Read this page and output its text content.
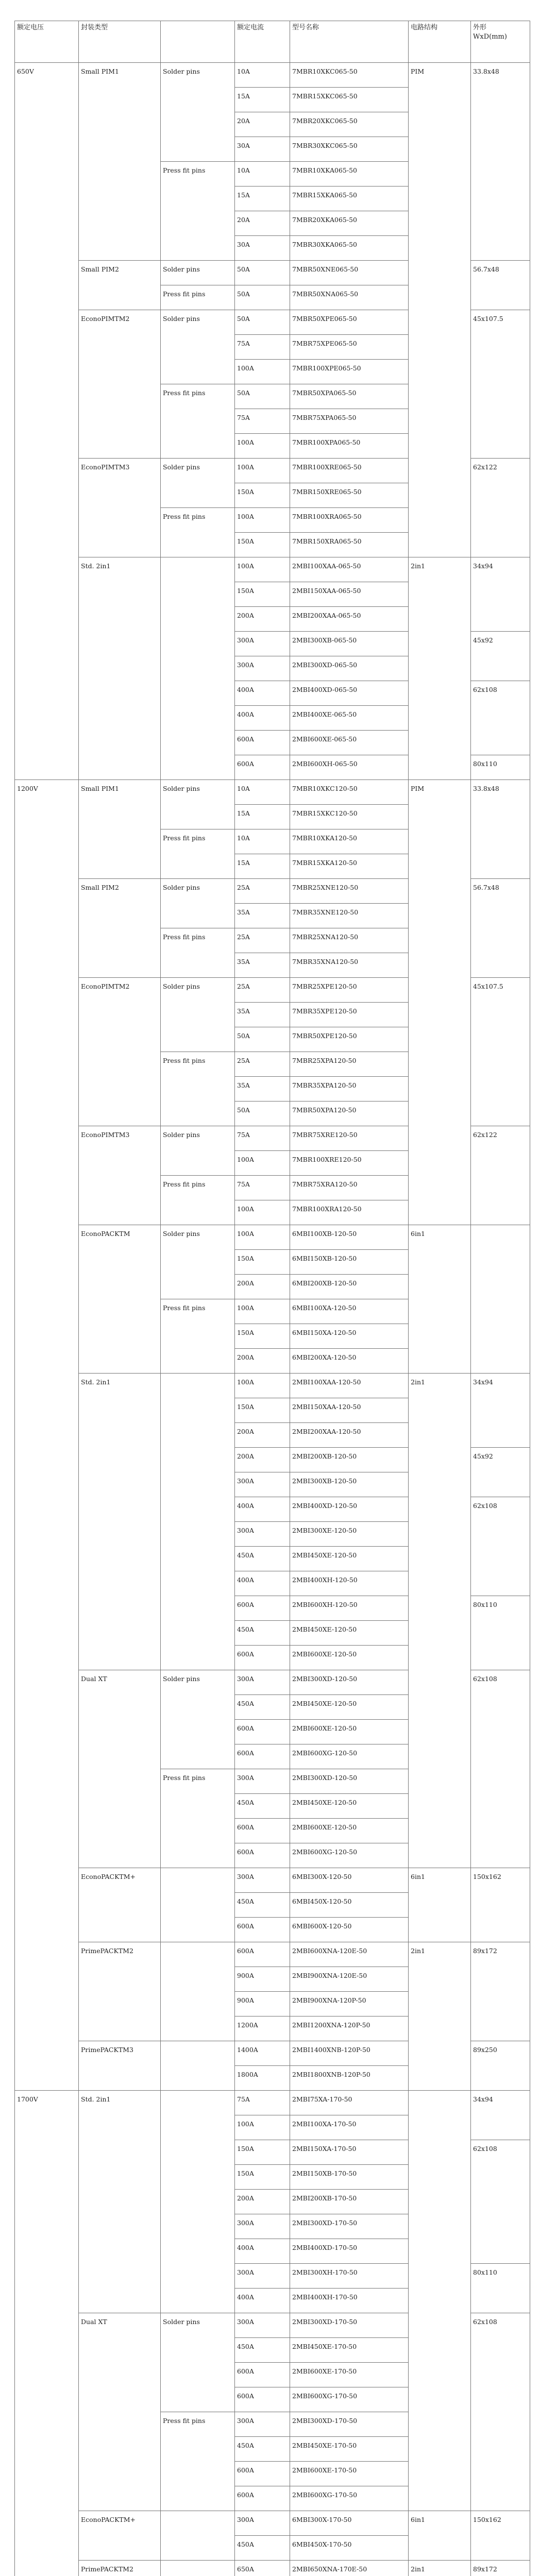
额定电压	封装类型		额定电流	型号名称	电路结构	外形
WxD(mm)

650V	Small PIM1	Solder pins	10A	7MBR10XKC065-50	PIM	33.8x48
			15A	7MBR15XKC065-50		
			20A	7MBR20XKC065-50		
			30A	7MBR30XKC065-50		
		Press fit pins	10A	7MBR10XKA065-50		
			15A	7MBR15XKA065-50		
			20A	7MBR20XKA065-50		
			30A	7MBR30XKA065-50		
	Small PIM2	Solder pins	50A	7MBR50XNE065-50		56.7x48
		Press fit pins	50A	7MBR50XNA065-50		
	EconoPIMTM2	Solder pins	50A	7MBR50XPE065-50		45x107.5
			75A	7MBR75XPE065-50		
			100A	7MBR100XPE065-50		
		Press fit pins	50A	7MBR50XPA065-50		
			75A	7MBR75XPA065-50		
			100A	7MBR100XPA065-50		
	EconoPIMTM3	Solder pins	100A	7MBR100XRE065-50		62x122
			150A	7MBR150XRE065-50		
		Press fit pins	100A	7MBR100XRA065-50		
			150A	7MBR150XRA065-50		
	Std. 2in1		100A	2MBI100XAA-065-50	2in1	34x94
			150A	2MBI150XAA-065-50		
			200A	2MBI200XAA-065-50		
			300A	2MBI300XB-065-50		45x92
			300A	2MBI300XD-065-50		
			400A	2MBI400XD-065-50		62x108
			400A	2MBI400XE-065-50		
			600A	2MBI600XE-065-50		
			600A	2MBI600XH-065-50		80x110
1200V	Small PIM1	Solder pins	10A	7MBR10XKC120-50	PIM	33.8x48
			15A	7MBR15XKC120-50		
		Press fit pins	10A	7MBR10XKA120-50		
			15A	7MBR15XKA120-50		
	Small PIM2	Solder pins	25A	7MBR25XNE120-50		56.7x48
			35A	7MBR35XNE120-50		
		Press fit pins	25A	7MBR25XNA120-50		
			35A	7MBR35XNA120-50		
	EconoPIMTM2	Solder pins	25A	7MBR25XPE120-50		45x107.5
			35A	7MBR35XPE120-50		
			50A	7MBR50XPE120-50		
		Press fit pins	25A	7MBR25XPA120-50		
			35A	7MBR35XPA120-50		
			50A	7MBR50XPA120-50		
	EconoPIMTM3	Solder pins	75A	7MBR75XRE120-50		62x122
			100A	7MBR100XRE120-50		
		Press fit pins	75A	7MBR75XRA120-50		
			100A	7MBR100XRA120-50		
	EconoPACKTM	Solder pins	100A	6MBI100XB-120-50	6in1	
			150A	6MBI150XB-120-50		
			200A	6MBI200XB-120-50		
		Press fit pins	100A	6MBI100XA-120-50		
			150A	6MBI150XA-120-50		
			200A	6MBI200XA-120-50		
	Std. 2in1		100A	2MBI100XAA-120-50	2in1	34x94
			150A	2MBI150XAA-120-50		
			200A	2MBI200XAA-120-50		
			200A	2MBI200XB-120-50		45x92
			300A	2MBI300XB-120-50		
			400A	2MBI400XD-120-50		62x108
			300A	2MBI300XE-120-50		
			450A	2MBI450XE-120-50		
			400A	2MBI400XH-120-50		
			600A	2MBI600XH-120-50		80x110
			450A	2MBI450XE-120-50		
			600A	2MBI600XE-120-50		
	Dual XT	Solder pins	300A	2MBI300XD-120-50		62x108
			450A	2MBI450XE-120-50		
			600A	2MBI600XE-120-50		
			600A	2MBI600XG-120-50		
		Press fit pins	300A	2MBI300XD-120-50		
			450A	2MBI450XE-120-50		
			600A	2MBI600XE-120-50		
			600A	2MBI600XG-120-50		
	EconoPACKTM+		300A	6MBI300X-120-50	6in1	150x162
			450A	6MBI450X-120-50		
			600A	6MBI600X-120-50		
	PrimePACKTM2		600A	2MBI600XNA-120E-50	2in1	89x172
			900A	2MBI900XNA-120E-50		
			900A	2MBI900XNA-120P-50		
			1200A	2MBI1200XNA-120P-50		
	PrimePACKTM3		1400A	2MBI1400XNB-120P-50		89x250
			1800A	2MBI1800XNB-120P-50		
1700V	Std. 2in1		75A	2MBI75XA-170-50		34x94
			100A	2MBI100XA-170-50		
			150A	2MBI150XA-170-50		62x108
			150A	2MBI150XB-170-50		
			200A	2MBI200XB-170-50		
			300A	2MBI300XD-170-50		
			400A	2MBI400XD-170-50		
			300A	2MBI300XH-170-50		80x110
			400A	2MBI400XH-170-50		
	Dual XT	Solder pins	300A	2MBI300XD-170-50		62x108
			450A	2MBI450XE-170-50		
			600A	2MBI600XE-170-50		
			600A	2MBI600XG-170-50		
		Press fit pins	300A	2MBI300XD-170-50		
			450A	2MBI450XE-170-50		
			600A	2MBI600XE-170-50		
			600A	2MBI600XG-170-50		
	EconoPACKTM+		300A	6MBI300X-170-50	6in1	150x162
			450A	6MBI450X-170-50		
	PrimePACKTM2		650A	2MBI650XNA-170E-50	2in1	89x172
